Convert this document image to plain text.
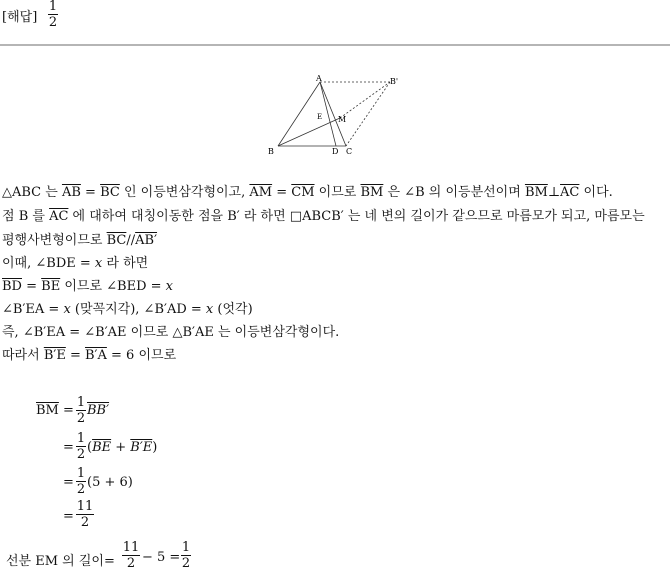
[해답]
1
2
A	B'
E M
B	D C
△ABC 는 $\overline{AB} = \overline{BC}$ 인 이등변삼각형이고, $\overline{AM} = \overline{CM}$ 이므로 $\overline{BM}$ 은 ∠B 의 이등분선이며 $\overline{BM}\perp\overline{AC}$ 이다.
점 B 를 $\overline{AC}$ 에 대하여 대칭이동한 점을 B′ 라 하면 □ABCB′ 는 네 변의 길이가 같으므로 마름모가 되고, 마름모는
평행사변형이므로 $\overline{BC}//AB'$
이때, ∠BDE = x 라 하면
$\overline{BD} = \overline{BE}$ 이므로 ∠BED = x
∠B′EA = x (맞꼭지각), ∠B′AD = x (엇각)
즉, ∠B′EA = ∠B′AE 이므로 △B′AE 는 이등변삼각형이다.
따라서 B′E = B′A = 6 이므로
$\overline{BM}$ =
1
2
BB′
=
1
2 $(\overline{BE} + B'E)$
=
1
2 (5 + 6)
=
11
2
선분 EM 의 길이=
11
2 − 5 =
1
2
